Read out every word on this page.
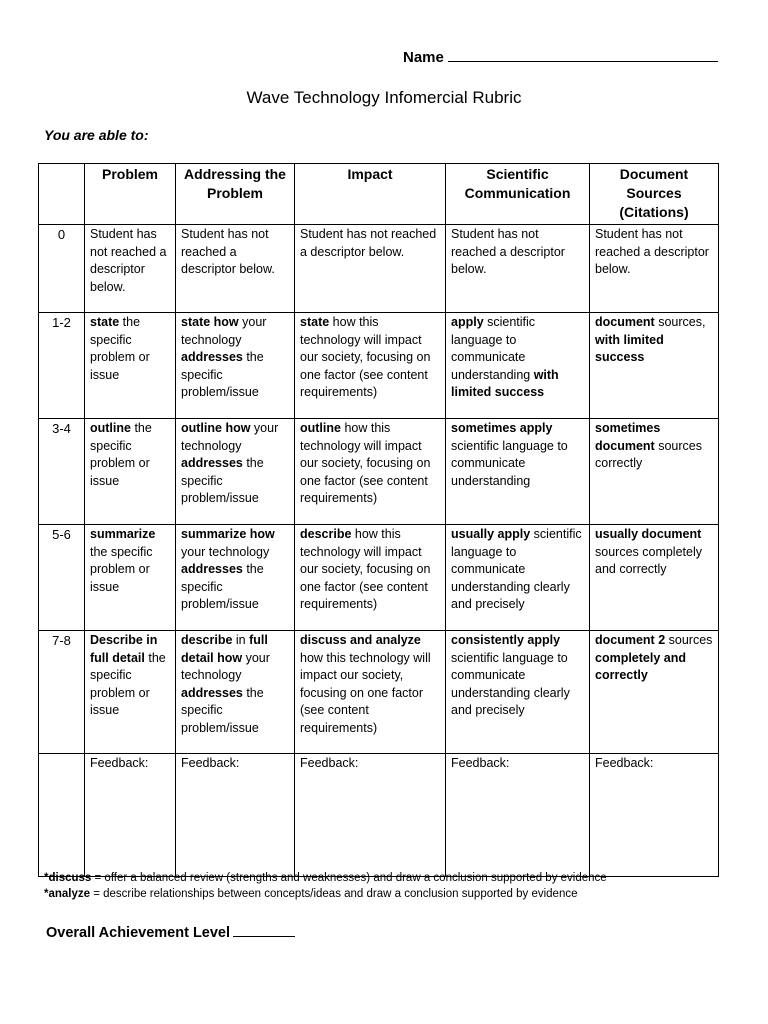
Name
Wave Technology Infomercial Rubric
You are able to:
	Problem	Addressing the Problem	Impact	Scientific Communication	Document Sources (Citations)
0	Student has not reached a descriptor below.	Student has not reached a descriptor below.	Student has not reached a descriptor below.	Student has not reached a descriptor below.	Student has not reached a descriptor below.
1-2	state the specific problem or issue	state how your technology addresses the specific problem/issue	state how this technology will impact our society, focusing on one factor (see content requirements)	apply scientific language to communicate understanding with limited success	document sources, with limited success
3-4	outline the specific problem or issue	outline how your technology addresses the specific problem/issue	outline how this technology will impact our society, focusing on one factor (see content requirements)	sometimes apply scientific language to communicate understanding	sometimes document sources correctly
5-6	summarize the specific problem or issue	summarize how your technology addresses the specific problem/issue	describe how this technology will impact our society, focusing on one factor (see content requirements)	usually apply scientific language to communicate understanding clearly and precisely	usually document sources completely and correctly
7-8	Describe in full detail the specific problem or issue	describe in full detail how your technology addresses the specific problem/issue	discuss and analyze how this technology will impact our society, focusing on one factor (see content requirements)	consistently apply scientific language to communicate understanding clearly and precisely	document 2 sources completely and correctly
	Feedback:	Feedback:	Feedback:	Feedback:	Feedback:
*discuss = offer a balanced review (strengths and weaknesses) and draw a conclusion supported by evidence
*analyze = describe relationships between concepts/ideas and draw a conclusion supported by evidence
Overall Achievement Level
